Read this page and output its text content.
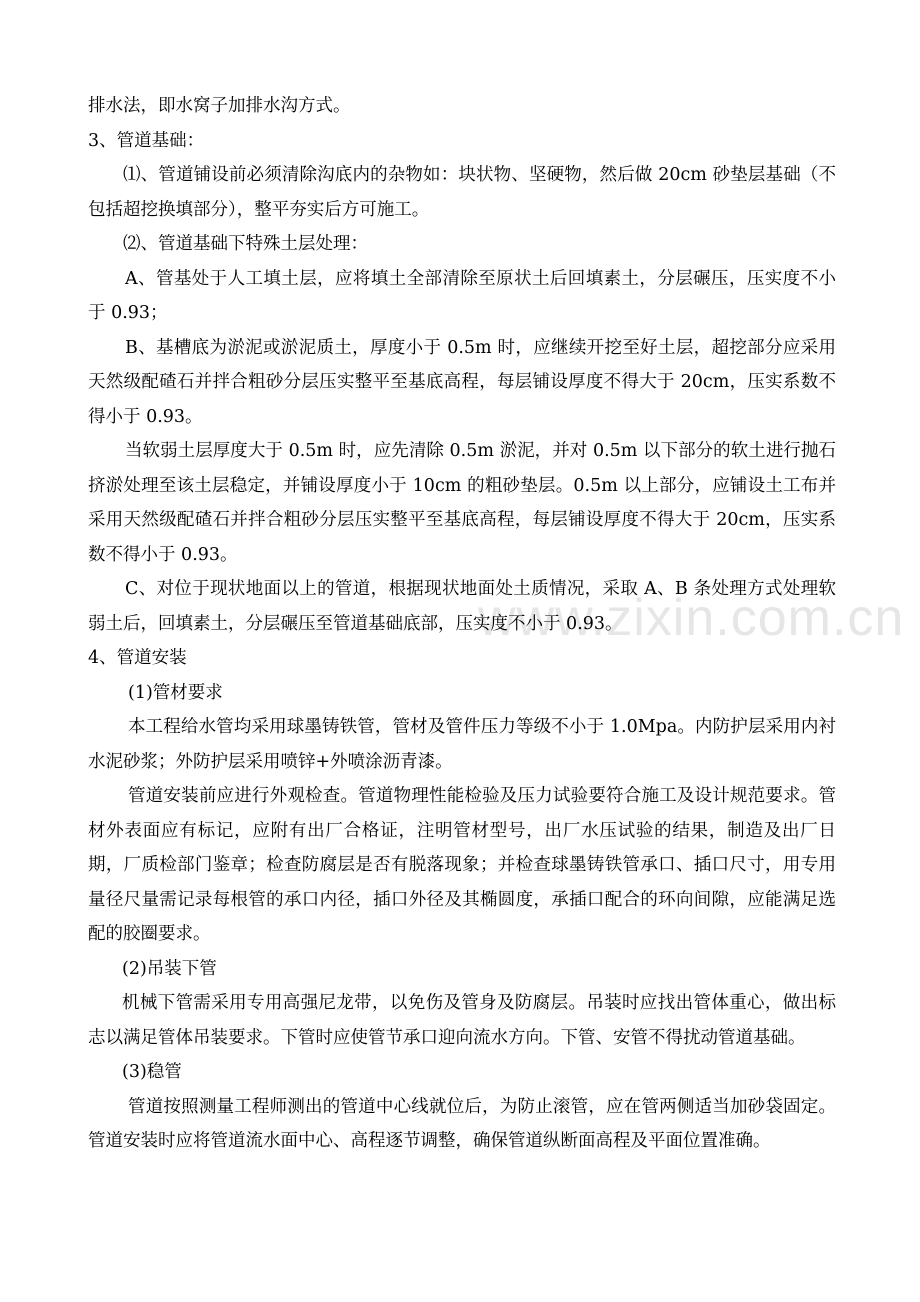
www.zixin.com.cn

排水法，即水窝子加排水沟方式。

3、管道基础：

⑴、管道铺设前必须清除沟底内的杂物如：块状物、坚硬物，然后做 20cm 砂垫层基础（不包括超挖换填部分），整平夯实后方可施工。

⑵、管道基础下特殊土层处理：

A、管基处于人工填土层，应将填土全部清除至原状土后回填素土，分层碾压，压实度不小于 0.93；

B、基槽底为淤泥或淤泥质土，厚度小于 0.5m 时，应继续开挖至好土层，超挖部分应采用天然级配碴石并拌合粗砂分层压实整平至基底高程，每层铺设厚度不得大于 20cm，压实系数不得小于 0.93。

当软弱土层厚度大于 0.5m 时，应先清除 0.5m 淤泥，并对 0.5m 以下部分的软土进行抛石挤淤处理至该土层稳定，并铺设厚度小于 10cm 的粗砂垫层。0.5m 以上部分，应铺设土工布并采用天然级配碴石并拌合粗砂分层压实整平至基底高程，每层铺设厚度不得大于 20cm，压实系数不得小于 0.93。

C、对位于现状地面以上的管道，根据现状地面处土质情况，采取 A、B 条处理方式处理软弱土后，回填素土，分层碾压至管道基础底部，压实度不小于 0.93。

4、管道安装

(1)管材要求

本工程给水管均采用球墨铸铁管，管材及管件压力等级不小于 1.0Mpa。内防护层采用内衬水泥砂浆；外防护层采用喷锌+外喷涂沥青漆。

管道安装前应进行外观检查。管道物理性能检验及压力试验要符合施工及设计规范要求。管材外表面应有标记，应附有出厂合格证，注明管材型号，出厂水压试验的结果，制造及出厂日期，厂质检部门鉴章；检查防腐层是否有脱落现象；并检查球墨铸铁管承口、插口尺寸，用专用量径尺量需记录每根管的承口内径，插口外径及其椭圆度，承插口配合的环向间隙，应能满足选配的胶圈要求。

(2)吊装下管

机械下管需采用专用高强尼龙带，以免伤及管身及防腐层。吊装时应找出管体重心，做出标志以满足管体吊装要求。下管时应使管节承口迎向流水方向。下管、安管不得扰动管道基础。

(3)稳管

管道按照测量工程师测出的管道中心线就位后，为防止滚管，应在管两侧适当加砂袋固定。管道安装时应将管道流水面中心、高程逐节调整，确保管道纵断面高程及平面位置准确。
